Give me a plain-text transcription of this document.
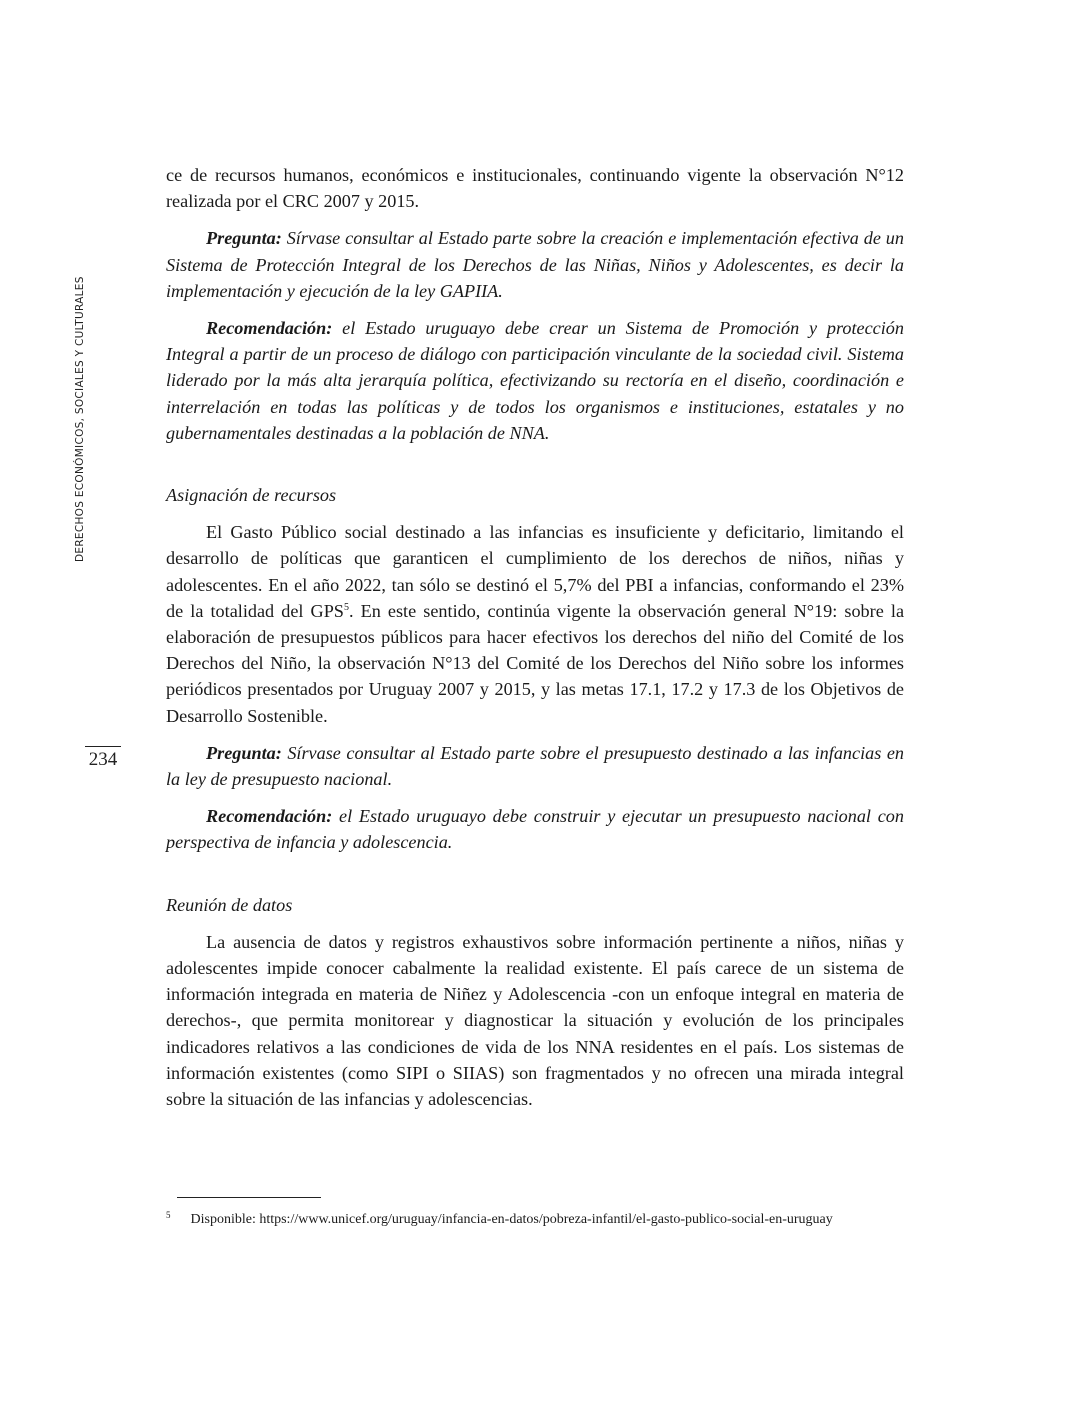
DERECHOS ECONÓMICOS, SOCIALES Y CULTURALES
234

ce de recursos humanos, económicos e institucionales, continuando vigente la observación N°12 realizada por el CRC 2007 y 2015.

Pregunta: Sírvase consultar al Estado parte sobre la creación e implementación efectiva de un Sistema de Protección Integral de los Derechos de las Niñas, Niños y Adolescentes, es decir la implementación y ejecución de la ley GAPIIA.

Recomendación: el Estado uruguayo debe crear un Sistema de Promoción y protección Integral a partir de un proceso de diálogo con participación vinculante de la sociedad civil. Sistema liderado por la más alta jerarquía política, efectivizando su rectoría en el diseño, coordinación e interrelación en todas las políticas y de todos los organismos e instituciones, estatales y no gubernamentales destinadas a la población de NNA.

Asignación de recursos

El Gasto Público social destinado a las infancias es insuficiente y deficitario, limitando el desarrollo de políticas que garanticen el cumplimiento de los derechos de niños, niñas y adolescentes. En el año 2022, tan sólo se destinó el 5,7% del PBI a infancias, conformando el 23% de la totalidad del GPS$^5$. En este sentido, continúa vigente la observación general N°19: sobre la elaboración de presupuestos públicos para hacer efectivos los derechos del niño del Comité de los Derechos del Niño, la observación N°13 del Comité de los Derechos del Niño sobre los informes periódicos presentados por Uruguay 2007 y 2015, y las metas 17.1, 17.2 y 17.3 de los Objetivos de Desarrollo Sostenible.

Pregunta: Sírvase consultar al Estado parte sobre el presupuesto destinado a las infancias en la ley de presupuesto nacional.

Recomendación: el Estado uruguayo debe construir y ejecutar un presupuesto nacional con perspectiva de infancia y adolescencia.

Reunión de datos

La ausencia de datos y registros exhaustivos sobre información pertinente a niños, niñas y adolescentes impide conocer cabalmente la realidad existente. El país carece de un sistema de información integrada en materia de Niñez y Adolescencia -con un enfoque integral en materia de derechos-, que permita monitorear y diagnosticar la situación y evolución de los principales indicadores relativos a las condiciones de vida de los NNA residentes en el país. Los sistemas de información existentes (como SIPI o SIIAS) son fragmentados y no ofrecen una mirada integral sobre la situación de las infancias y adolescencias.

$^5$ Disponible: https://www.unicef.org/uruguay/infancia-en-datos/pobreza-infantil/el-gasto-publico-social-en-uruguay
